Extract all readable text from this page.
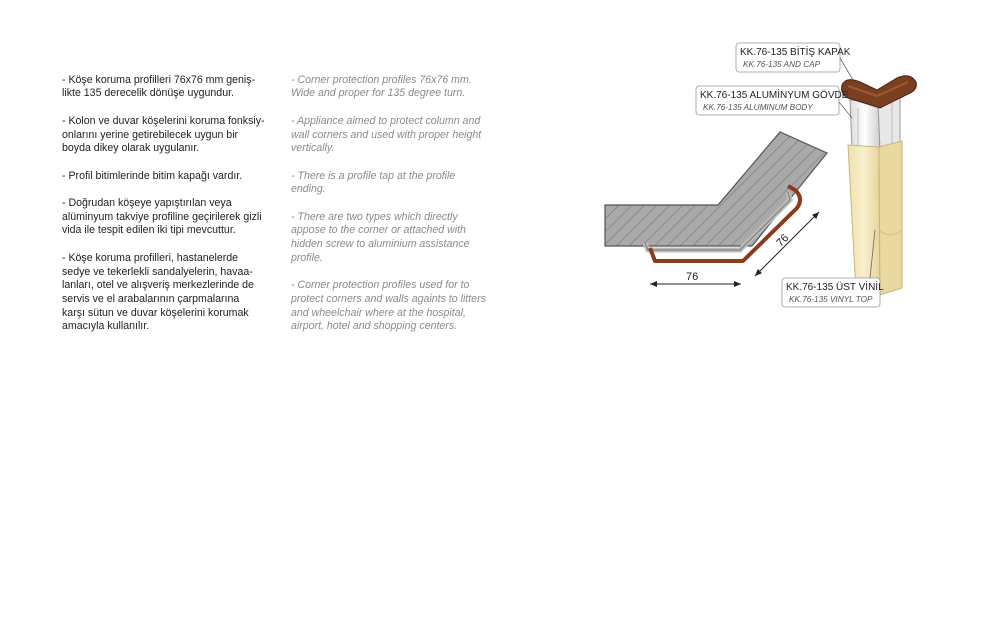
- Köşe koruma profilleri 76x76 mm geniş-
likte 135 derecelik dönüşe uygundur.

- Kolon ve duvar köşelerini koruma fonksiy-
onlarını yerine getirebilecek uygun bir
boyda dikey olarak uygulanır.

- Profil bitimlerinde bitim kapağı vardır.

- Doğrudan köşeye yapıştırılan veya
alüminyum takviye profiline geçirilerek gizli
vida ile tespit edilen iki tipi mevcuttur.

- Köşe koruma profilleri, hastanelerde
sedye ve tekerlekli sandalyelerin, havaa-
lanları, otel ve alışveriş merkezlerinde de
servis ve el arabalarının çarpmalarına
karşı sütun ve duvar köşelerini korumak
amacıyla kullanılır.

- Corner protection profiles 76x76 mm.
Wide and proper for 135 degree turn.

- Appliance aimed to protect column and
wall corners and used with proper height
vertically.

- There is a profile tap at the profile
ending.

- There are two types which directly
appose to the corner or attached with
hidden screw to aluminium assistance
profile.

- Corner protection profiles used for to
protect corners and walls againts to litters
and wheelchair where at the hospital,
airport, hotel and shopping centers.

76
76
KK.76-135 BİTİŞ KAPAK
KK.76-135 AND CAP
KK.76-135 ALUMİNYUM GÖVDE
KK.76-135 ALUMINUM BODY
KK.76-135 ÜST VİNİL
KK.76-135 VINYL TOP
